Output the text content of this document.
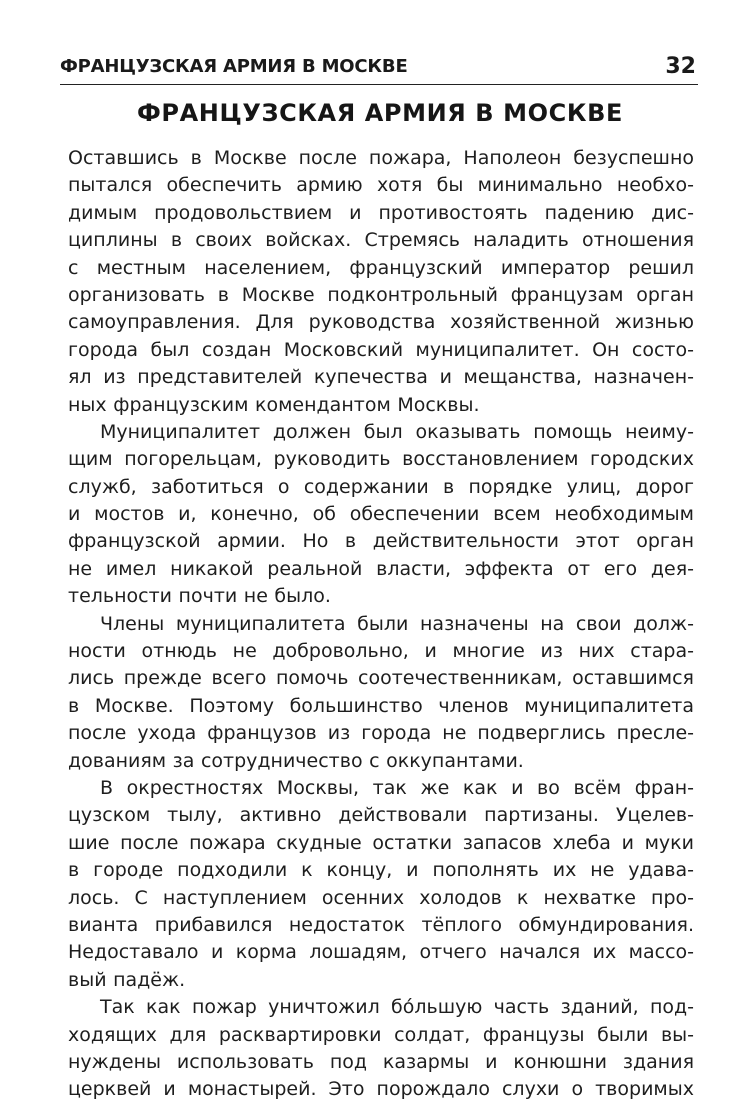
ФРАНЦУЗСКАЯ АРМИЯ В МОСКВЕ	32
ФРАНЦУЗСКАЯ АРМИЯ В МОСКВЕ
Оставшись в Москве после пожара, Наполеон безуспешно
пытался обеспечить армию хотя бы минимально необхо-
димым продовольствием и противостоять падению дис-
циплины в своих войсках. Стремясь наладить отношения
с местным населением, французский император решил
организовать в Москве подконтрольный французам орган
самоуправления. Для руководства хозяйственной жизнью
города был создан Московский муниципалитет. Он состо-
ял из представителей купечества и мещанства, назначен-
ных французским комендантом Москвы.
Муниципалитет должен был оказывать помощь неиму-
щим погорельцам, руководить восстановлением городских
служб, заботиться о содержании в порядке улиц, дорог
и мостов и, конечно, об обеспечении всем необходимым
французской армии. Но в действительности этот орган
не имел никакой реальной власти, эффекта от его дея-
тельности почти не было.
Члены муниципалитета были назначены на свои долж-
ности отнюдь не добровольно, и многие из них стара-
лись прежде всего помочь соотечественникам, оставшимся
в Москве. Поэтому большинство членов муниципалитета
после ухода французов из города не подверглись пресле-
дованиям за сотрудничество с оккупантами.
В окрестностях Москвы, так же как и во всём фран-
цузском тылу, активно действовали партизаны. Уцелев-
шие после пожара скудные остатки запасов хлеба и муки
в городе подходили к концу, и пополнять их не удава-
лось. С наступлением осенних холодов к нехватке про-
вианта прибавился недостаток тёплого обмундирования.
Недоставало и корма лошадям, отчего начался их массо-
вый падёж.
Так как пожар уничтожил бо́льшую часть зданий, под-
ходящих для расквартировки солдат, французы были вы-
нуждены использовать под казармы и конюшни здания
церквей и монастырей. Это порождало слухи о творимых
